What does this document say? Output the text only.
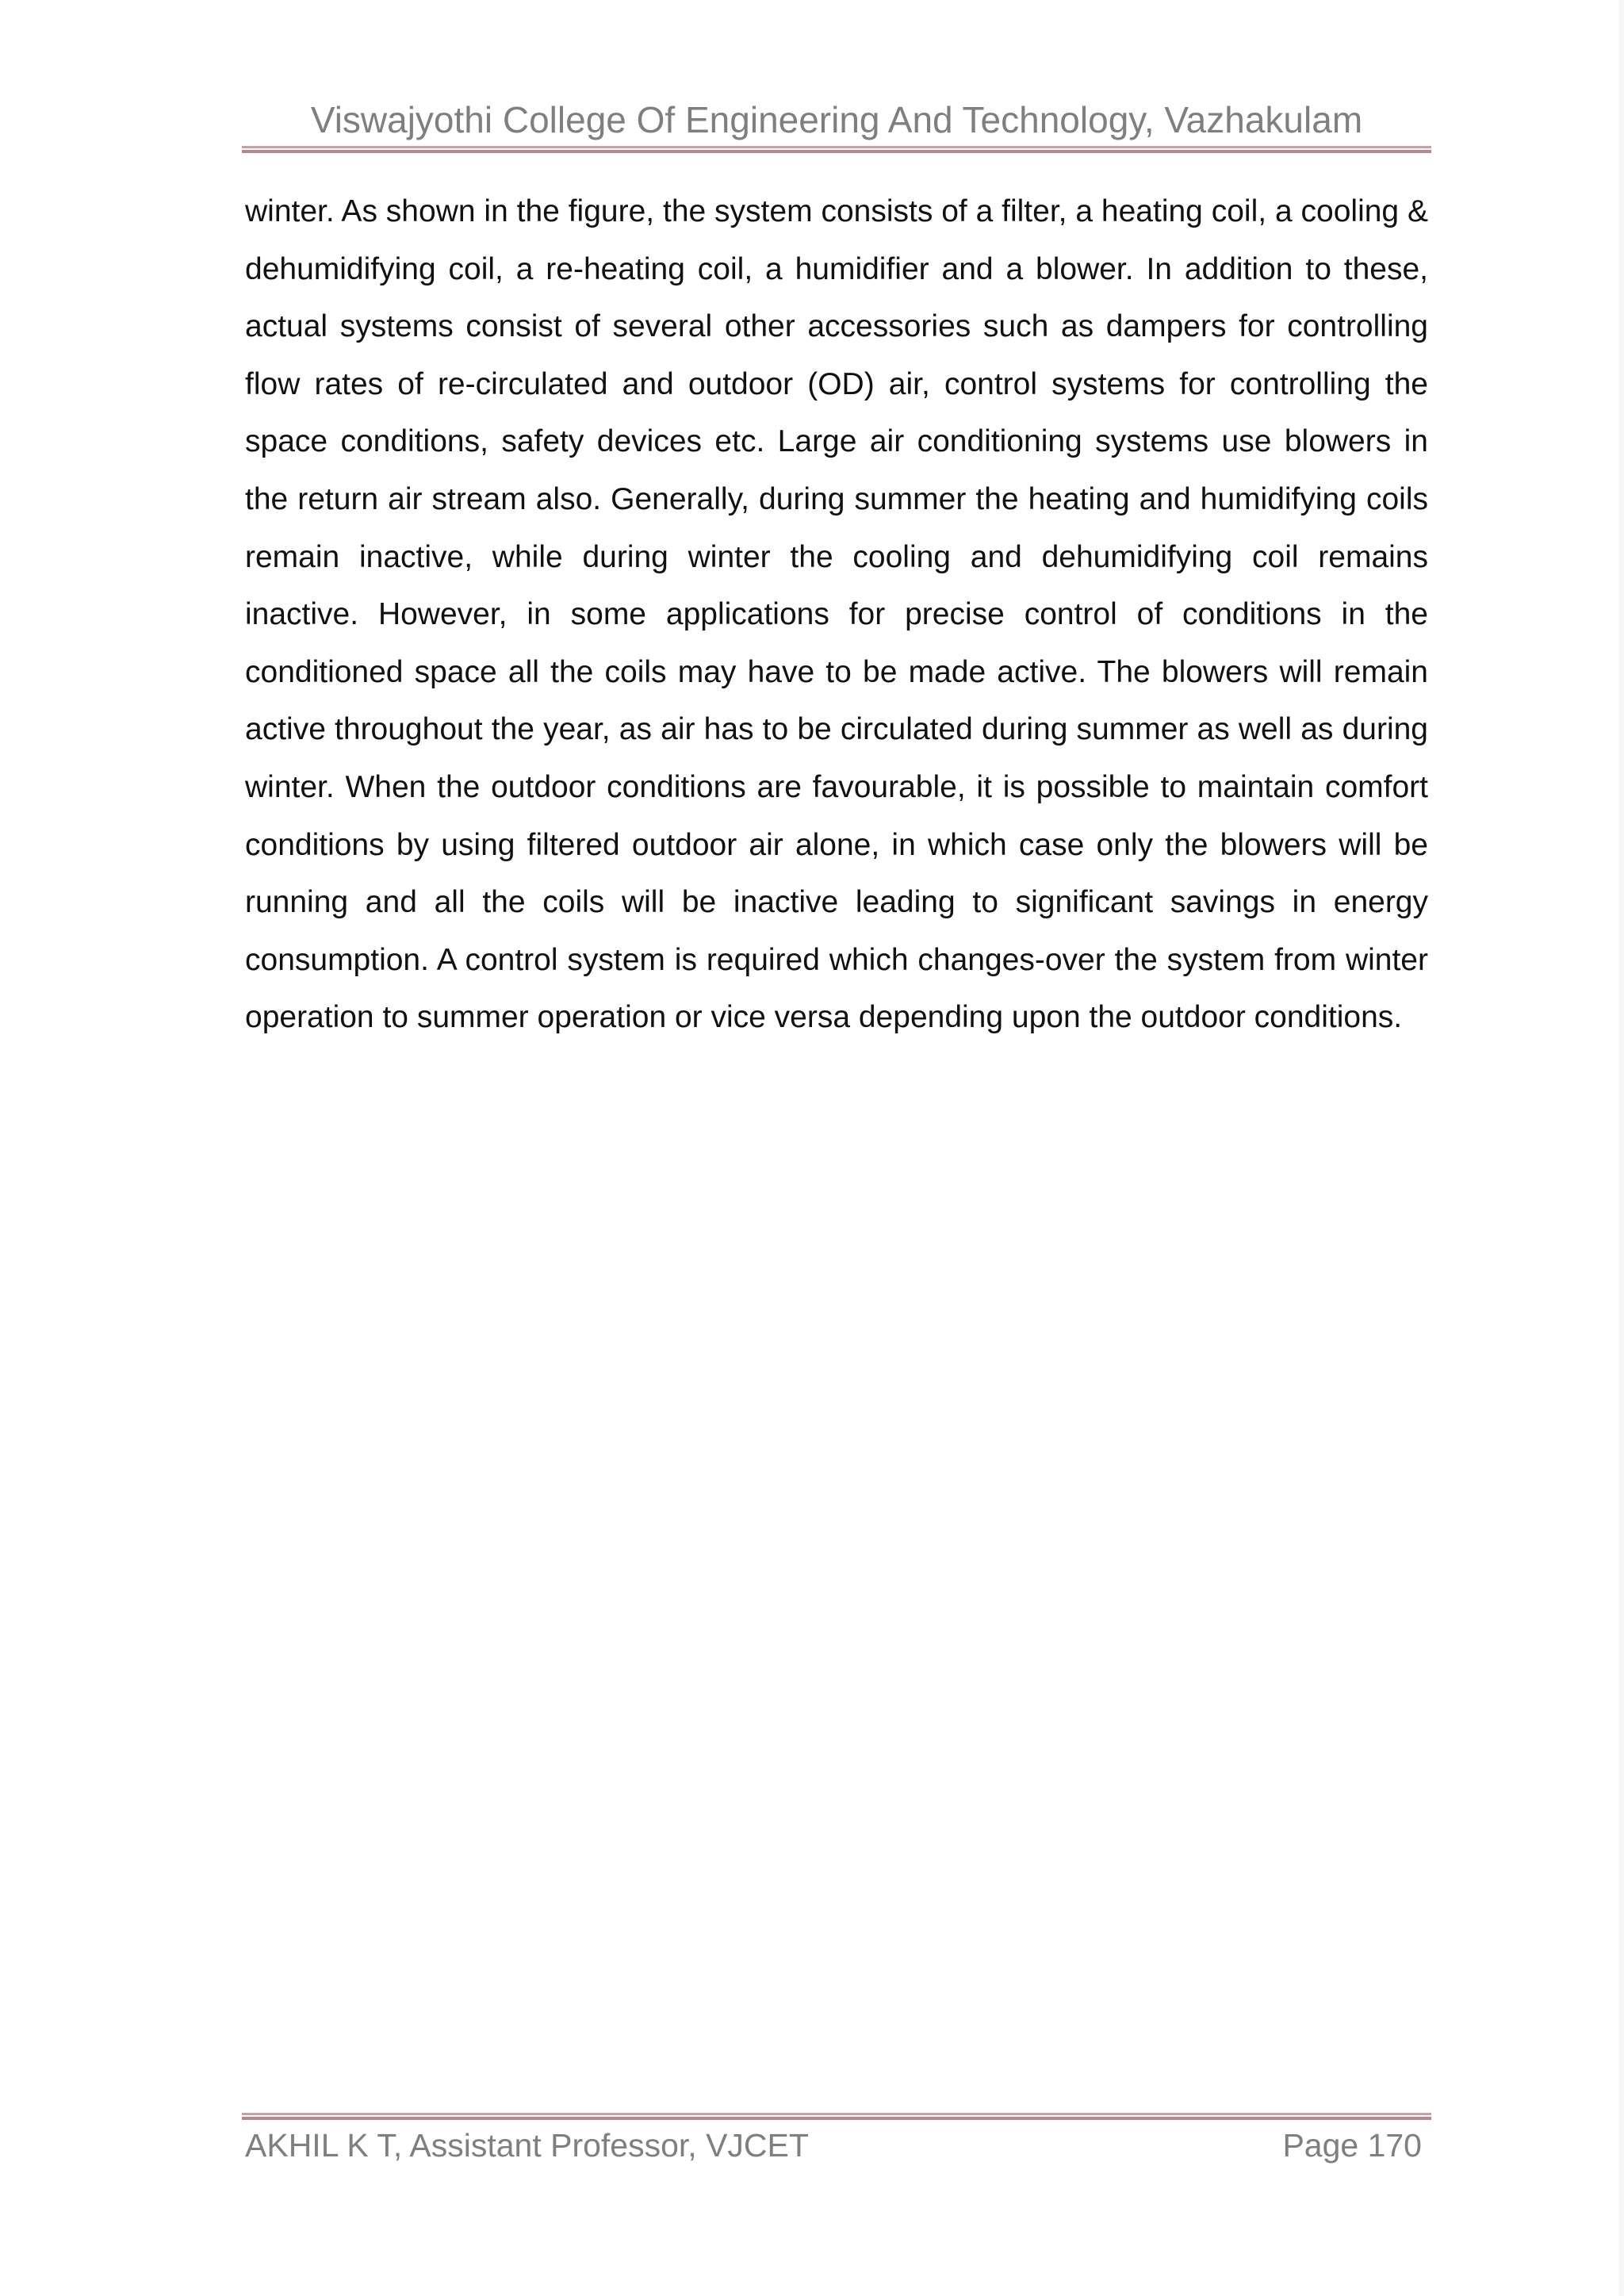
Viswajyothi College Of Engineering And Technology, Vazhakulam

winter. As shown in the figure, the system consists of a filter, a heating coil, a cooling & dehumidifying coil, a re-heating coil, a humidifier and a blower. In addition to these, actual systems consist of several other accessories such as dampers for controlling flow rates of re-circulated and outdoor (OD) air, control systems for controlling the space conditions, safety devices etc. Large air conditioning systems use blowers in the return air stream also. Generally, during summer the heating and humidifying coils remain inactive, while during winter the cooling and dehumidifying coil remains inactive. However, in some applications for precise control of conditions in the conditioned space all the coils may have to be made active. The blowers will remain active throughout the year, as air has to be circulated during summer as well as during winter. When the outdoor conditions are favourable, it is possible to maintain comfort conditions by using filtered outdoor air alone, in which case only the blowers will be running and all the coils will be inactive leading to significant savings in energy consumption. A control system is required which changes-over the system from winter operation to summer operation or vice versa depending upon the outdoor conditions.

AKHIL K T, Assistant Professor, VJCET	Page 170
